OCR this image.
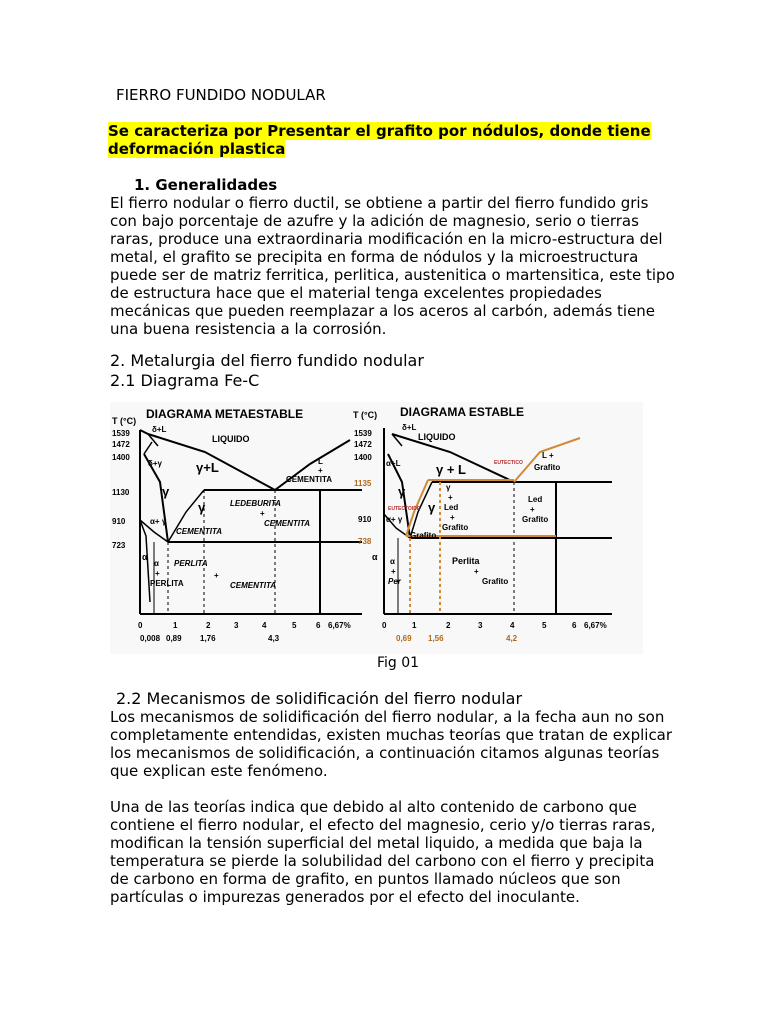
FIERRO FUNDIDO NODULAR
Se caracteriza por Presentar el grafito por nódulos, donde tiene
deformación plastica
1. Generalidades
El fierro nodular o fierro ductil, se obtiene a partir del fierro fundido gris
con bajo porcentaje de azufre y la adición de magnesio, serio o tierras
raras, produce una extraordinaria modificación en la micro-estructura del
metal, el grafito se precipita en forma de nódulos y la microestructura
puede ser de matriz ferritica, perlitica, austenitica o martensitica, este tipo
de estructura hace que el material tenga excelentes propiedades
mecánicas que pueden reemplazar a los aceros al carbón, además tiene
una buena resistencia a la corrosión.
2. Metalurgia del fierro fundido nodular
2.1 Diagrama Fe-C
DIAGRAMA METAESTABLE
T (°C)
1539
1472
1400
1130
910
723
δ+L
LIQUIDO
δ+γ	γ+L
γ
γ
L
+
CEMENTITA
LEDEBURITA
+
CEMENTITA
α+ γ
CEMENTITA
α
α
+
PERLITA
PERLITA
+
CEMENTITA
0	1	2	3	4	5 6 6,67%
0,008 0,89 1,76	4,3
DIAGRAMA ESTABLE
T (°C)
1539
1472
1400
1135
910
738
δ+L
LIQUIDO
α+L	γ + L	EUTECTICO
L +
Grafito
γ
γ
γ
+
Led
+
Grafito
Led
+
Grafito
EUTECTOIDE
α+ γ
Grafito
α α
+
Per
Perlita
+
Grafito
0	1	2	3	4	5	6 6,67%
0,69 1,56	4,2
Fig 01
2.2 Mecanismos de solidificación del fierro nodular
Los mecanismos de solidificación del fierro nodular, a la fecha aun no son
completamente entendidas, existen muchas teorías que tratan de explicar
los mecanismos de solidificación, a continuación citamos algunas teorías
que explican este fenómeno.
Una de las teorías indica que debido al alto contenido de carbono que
contiene el fierro nodular, el efecto del magnesio, cerio y/o tierras raras,
modifican la tensión superficial del metal liquido, a medida que baja la
temperatura se pierde la solubilidad del carbono con el fierro y precipita
de carbono en forma de grafito, en puntos llamado núcleos que son
partículas o impurezas generados por el efecto del inoculante.
